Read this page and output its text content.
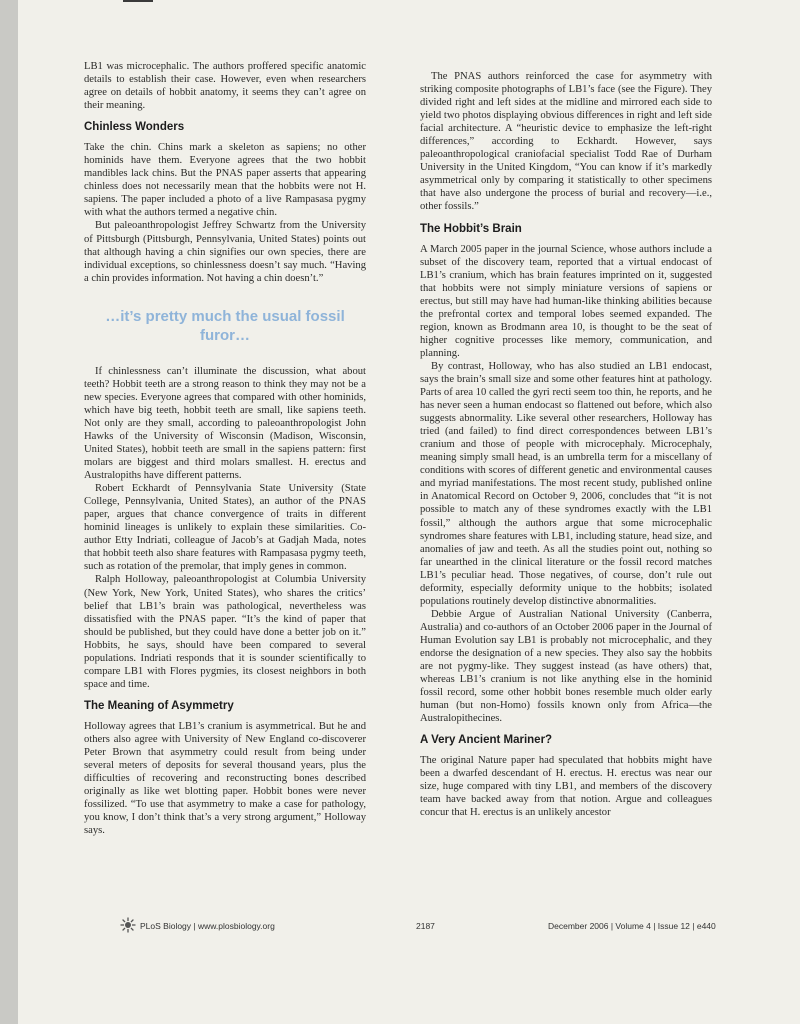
LB1 was microcephalic. The authors proffered specific anatomic details to establish their case. However, even when researchers agree on details of hobbit anatomy, it seems they can’t agree on their meaning.

Chinless Wonders

Take the chin. Chins mark a skeleton as sapiens; no other hominids have them. Everyone agrees that the two hobbit mandibles lack chins. But the PNAS paper asserts that appearing chinless does not necessarily mean that the hobbits were not H. sapiens. The paper included a photo of a live Rampasasa pygmy with what the authors termed a negative chin.

But paleoanthropologist Jeffrey Schwartz from the University of Pittsburgh (Pittsburgh, Pennsylvania, United States) points out that although having a chin signifies our own species, there are individual exceptions, so chinlessness doesn’t say much. “Having a chin provides information. Not having a chin doesn’t.”

…it’s pretty much the usual fossil furor…

If chinlessness can’t illuminate the discussion, what about teeth? Hobbit teeth are a strong reason to think they may not be a new species. Everyone agrees that compared with other hominids, which have big teeth, hobbit teeth are small, like sapiens teeth. Not only are they small, according to paleoanthropologist John Hawks of the University of Wisconsin (Madison, Wisconsin, United States), hobbit teeth are small in the sapiens pattern: first molars are biggest and third molars smallest. H. erectus and Australopiths have different patterns.

Robert Eckhardt of Pennsylvania State University (State College, Pennsylvania, United States), an author of the PNAS paper, argues that chance convergence of traits in different hominid lineages is unlikely to explain these similarities. Co-author Etty Indriati, colleague of Jacob’s at Gadjah Mada, notes that hobbit teeth also share features with Rampasasa pygmy teeth, such as rotation of the premolar, that imply genes in common.

Ralph Holloway, paleoanthropologist at Columbia University (New York, New York, United States), who shares the critics’ belief that LB1’s brain was pathological, nevertheless was dissatisfied with the PNAS paper. “It’s the kind of paper that should be published, but they could have done a better job on it.” Hobbits, he says, should have been compared to several populations. Indriati responds that it is sounder scientifically to compare LB1 with Flores pygmies, its closest neighbors in both space and time.

The Meaning of Asymmetry

Holloway agrees that LB1’s cranium is asymmetrical. But he and others also agree with University of New England co-discoverer Peter Brown that asymmetry could result from being under several meters of deposits for several thousand years, plus the difficulties of recovering and reconstructing bones described originally as like wet blotting paper. Hobbit bones were never fossilized. “To use that asymmetry to make a case for pathology, you know, I don’t think that’s a very strong argument,” Holloway says.

The PNAS authors reinforced the case for asymmetry with striking composite photographs of LB1’s face (see the Figure). They divided right and left sides at the midline and mirrored each side to yield two photos displaying obvious differences in right and left side facial architecture. A “heuristic device to emphasize the left-right differences,” according to Eckhardt. However, says paleoanthropological craniofacial specialist Todd Rae of Durham University in the United Kingdom, “You can know if it’s markedly asymmetrical only by comparing it statistically to other specimens that have also undergone the process of burial and recovery—i.e., other fossils.”

The Hobbit’s Brain

A March 2005 paper in the journal Science, whose authors include a subset of the discovery team, reported that a virtual endocast of LB1’s cranium, which has brain features imprinted on it, suggested that hobbits were not simply miniature versions of sapiens or erectus, but still may have had human-like thinking abilities because the prefrontal cortex and temporal lobes seemed expanded. The region, known as Brodmann area 10, is thought to be the seat of higher cognitive processes like memory, communication, and planning.

By contrast, Holloway, who has also studied an LB1 endocast, says the brain’s small size and some other features hint at pathology. Parts of area 10 called the gyri recti seem too thin, he reports, and he has never seen a human endocast so flattened out before, which also suggests abnormality. Like several other researchers, Holloway has tried (and failed) to find direct correspondences between LB1’s cranium and those of people with microcephaly. Microcephaly, meaning simply small head, is an umbrella term for a miscellany of conditions with scores of different genetic and environmental causes and myriad manifestations. The most recent study, published online in Anatomical Record on October 9, 2006, concludes that “it is not possible to match any of these syndromes exactly with the LB1 fossil,” although the authors argue that some microcephalic syndromes share features with LB1, including stature, head size, and anomalies of jaw and teeth. As all the studies point out, nothing so far unearthed in the clinical literature or the fossil record matches LB1’s peculiar head. Those negatives, of course, don’t rule out deformity, especially deformity unique to the hobbits; isolated populations routinely develop distinctive abnormalities.

Debbie Argue of Australian National University (Canberra, Australia) and co-authors of an October 2006 paper in the Journal of Human Evolution say LB1 is probably not microcephalic, and they endorse the designation of a new species. They also say the hobbits are not pygmy-like. They suggest instead (as have others) that, whereas LB1’s cranium is not like anything else in the hominid fossil record, some other hobbit bones resemble much older early human (but non-Homo) fossils known only from Africa—the Australopithecines.

A Very Ancient Mariner?

The original Nature paper had speculated that hobbits might have been a dwarfed descendant of H. erectus. H. erectus was near our size, huge compared with tiny LB1, and members of the discovery team have backed away from that notion. Argue and colleagues concur that H. erectus is an unlikely ancestor

PLoS Biology | www.plosbiology.org	2187	December 2006 | Volume 4 | Issue 12 | e440
